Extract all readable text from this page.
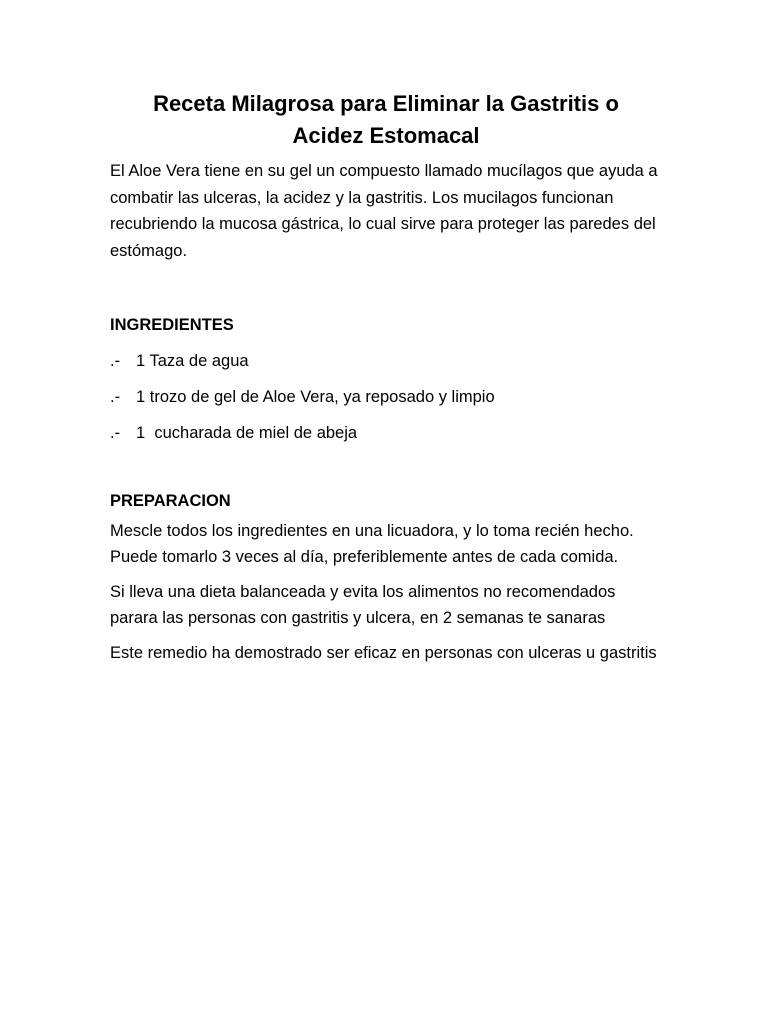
Receta Milagrosa para Eliminar la Gastritis o
Acidez Estomacal

El Aloe Vera tiene en su gel un compuesto llamado mucílagos que ayuda a combatir las ulceras, la acidez y la gastritis. Los mucilagos funcionan recubriendo la mucosa gástrica, lo cual sirve para proteger las paredes del estómago.

INGREDIENTES
.- 1 Taza de agua
.- 1 trozo de gel de Aloe Vera, ya reposado y limpio
.- 1  cucharada de miel de abeja
PREPARACION

Mescle todos los ingredientes en una licuadora, y lo toma recién hecho. Puede tomarlo 3 veces al día, preferiblemente antes de cada comida.

Si lleva una dieta balanceada y evita los alimentos no recomendados parara las personas con gastritis y ulcera, en 2 semanas te sanaras

Este remedio ha demostrado ser eficaz en personas con ulceras u gastritis
